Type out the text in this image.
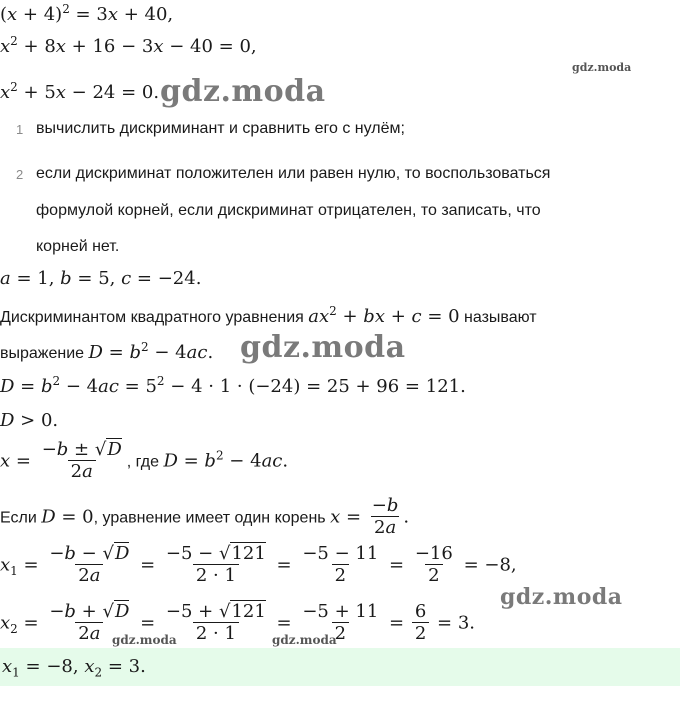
$(x + 4)^2 = 3x + 40$,
$x^2 + 8x + 16 - 3x - 40 = 0$,
$x^2 + 5x - 24 = 0$.
1 вычислить дискриминант и сравнить его с нулём;
2 если дискриминат положителен или равен нулю, то воспользоваться
формулой корней, если дискриминат отрицателен, то записать, что
корней нет.
a = 1, b = 5, c = −24.
Дискриминантом квадратного уравнения $ax^2$ + bx + c = 0 называют
выражение $D = b^2 - 4ac$.
$D = b^2 - 4ac = 5^2 - 4 \cdot 1 \cdot (-24) = 25 + 96 = 121$.
D > 0.
$x = \frac{-b \pm √D}{2a}$ , где $D = b^2 - 4ac$.
Если D = 0, уравнение имеет один корень $x = \frac{-b}{2a}$ .
$x_1 = \frac{-b - √D}{2a} = \frac{-5 - √121}{2 \cdot 1} = \frac{-5 - 11}{2} = \frac{-16}{2} = -8$,
$x_2 = \frac{-b + √D}{2a} = \frac{-5 + √121}{2 \cdot 1} = \frac{-5 + 11}{2} = \frac{6}{2} = 3$.
$x_1 = -8$, $x_2 = 3$.
gdz.moda
gdz.moda
gdz.moda
gdz.moda
gdz.moda	gdz.moda
